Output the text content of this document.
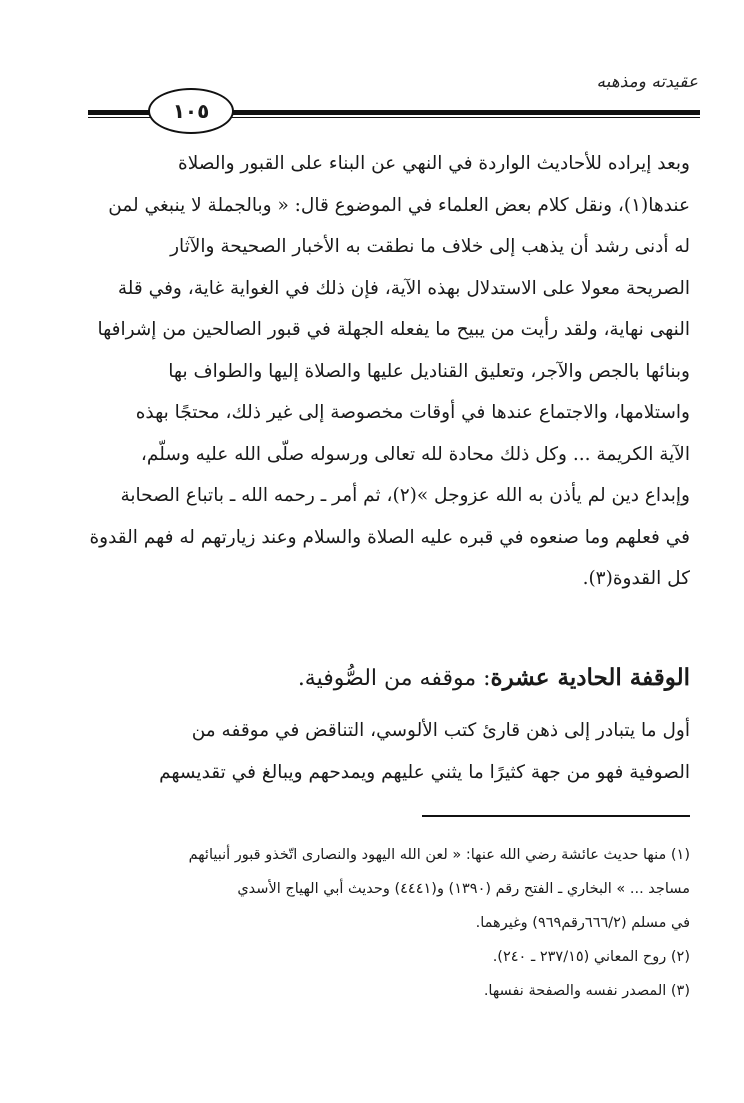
عقيدته ومذهبه
١٠٥
وبعد إيراده للأحاديث الواردة في النهي عن البناء على القبور والصلاة
عندها(١)، ونقل كلام بعض العلماء في الموضوع قال: « وبالجملة لا ينبغي لمن
له أدنى رشد أن يذهب إلى خلاف ما نطقت به الأخبار الصحيحة والآثار
الصريحة معولا على الاستدلال بهذه الآية، فإن ذلك في الغواية غاية، وفي قلة
النهى نهاية، ولقد رأيت من يبيح ما يفعله الجهلة في قبور الصالحين من إشرافها
وبنائها بالجص والآجر، وتعليق القناديل عليها والصلاة إليها والطواف بها
واستلامها، والاجتماع عندها في أوقات مخصوصة إلى غير ذلك، محتجًا بهذه
الآية الكريمة ... وكل ذلك محادة لله تعالى ورسوله صلّى الله عليه وسلّم،
وإبداع دين لم يأذن به الله عزوجل »(٢)، ثم أمر ـ رحمه الله ـ باتباع الصحابة
في فعلهم وما صنعوه في قبره عليه الصلاة والسلام وعند زيارتهم له فهم القدوة
كل القدوة(٣).
الوقفة الحادية عشرة: موقفه من الصُّوفية.
أول ما يتبادر إلى ذهن قارئ كتب الألوسي، التناقض في موقفه من
الصوفية فهو من جهة كثيرًا ما يثني عليهم ويمدحهم ويبالغ في تقديسهم
(١) منها حديث عائشة رضي الله عنها: « لعن الله اليهود والنصارى اتّخذو قبور أنبيائهم
مساجد ... » البخاري ـ الفتح رقم (١٣٩٠) و(٤٤٤١) وحديث أبي الهياج الأسدي
في مسلم (٦٦٦/٢رقم٩٦٩) وغيرهما.
(٢) روح المعاني (٢٣٧/١٥ ـ ٢٤٠).
(٣) المصدر نفسه والصفحة نفسها.
